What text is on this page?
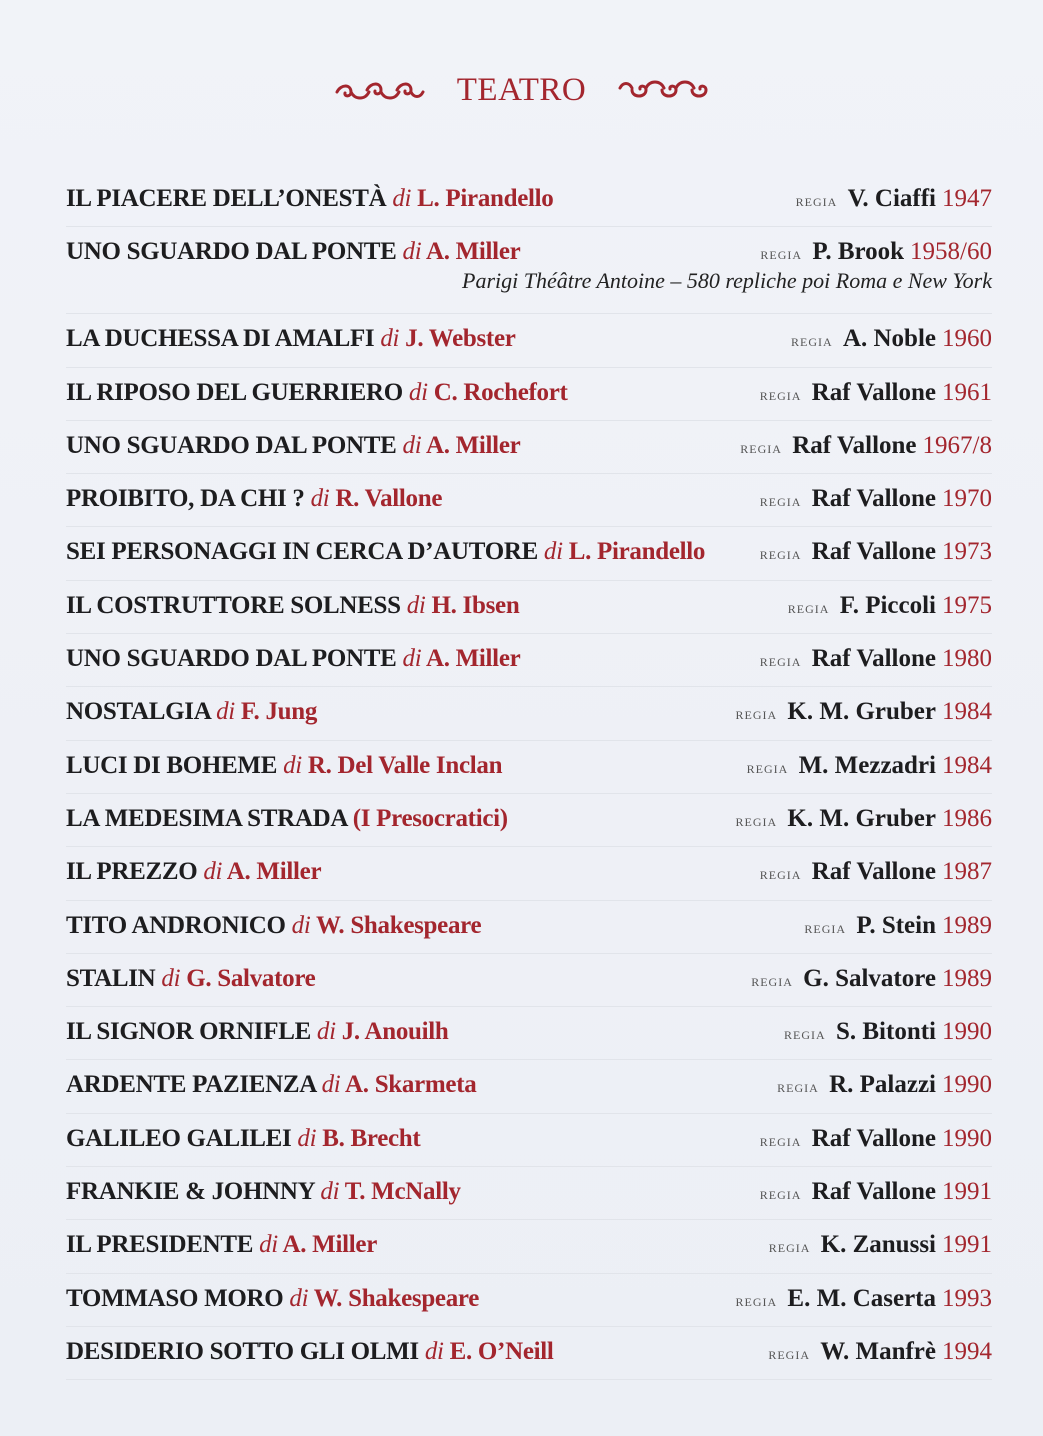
TEATRO
IL PIACERE DELL’ONESTÀ di L. Pirandello	regia V. Ciaffi 1947
UNO SGUARDO DAL PONTE di A. Miller	regia P. Brook 1958/60
Parigi Théâtre Antoine – 580 repliche poi Roma e New York
LA DUCHESSA DI AMALFI di J. Webster	regia A. Noble 1960
IL RIPOSO DEL GUERRIERO di C. Rochefort	regia Raf Vallone 1961
UNO SGUARDO DAL PONTE di A. Miller	regia Raf Vallone 1967/8
PROIBITO, DA CHI ? di R. Vallone	regia Raf Vallone 1970
SEI PERSONAGGI IN CERCA D’AUTORE di L. Pirandello	regia Raf Vallone 1973
IL COSTRUTTORE SOLNESS di H. Ibsen	regia F. Piccoli 1975
UNO SGUARDO DAL PONTE di A. Miller	regia Raf Vallone 1980
NOSTALGIA di F. Jung	regia K. M. Gruber 1984
LUCI DI BOHEME di R. Del Valle Inclan	regia M. Mezzadri 1984
LA MEDESIMA STRADA (I Presocratici)	regia K. M. Gruber 1986
IL PREZZO di A. Miller	regia Raf Vallone 1987
TITO ANDRONICO di W. Shakespeare	regia P. Stein 1989
STALIN di G. Salvatore	regia G. Salvatore 1989
IL SIGNOR ORNIFLE di J. Anouilh	regia S. Bitonti 1990
ARDENTE PAZIENZA di A. Skarmeta	regia R. Palazzi 1990
GALILEO GALILEI di B. Brecht	regia Raf Vallone 1990
FRANKIE & JOHNNY di T. McNally	regia Raf Vallone 1991
IL PRESIDENTE di A. Miller	regia K. Zanussi 1991
TOMMASO MORO di W. Shakespeare	regia E. M. Caserta 1993
DESIDERIO SOTTO GLI OLMI di E. O’Neill	regia W. Manfrè 1994
